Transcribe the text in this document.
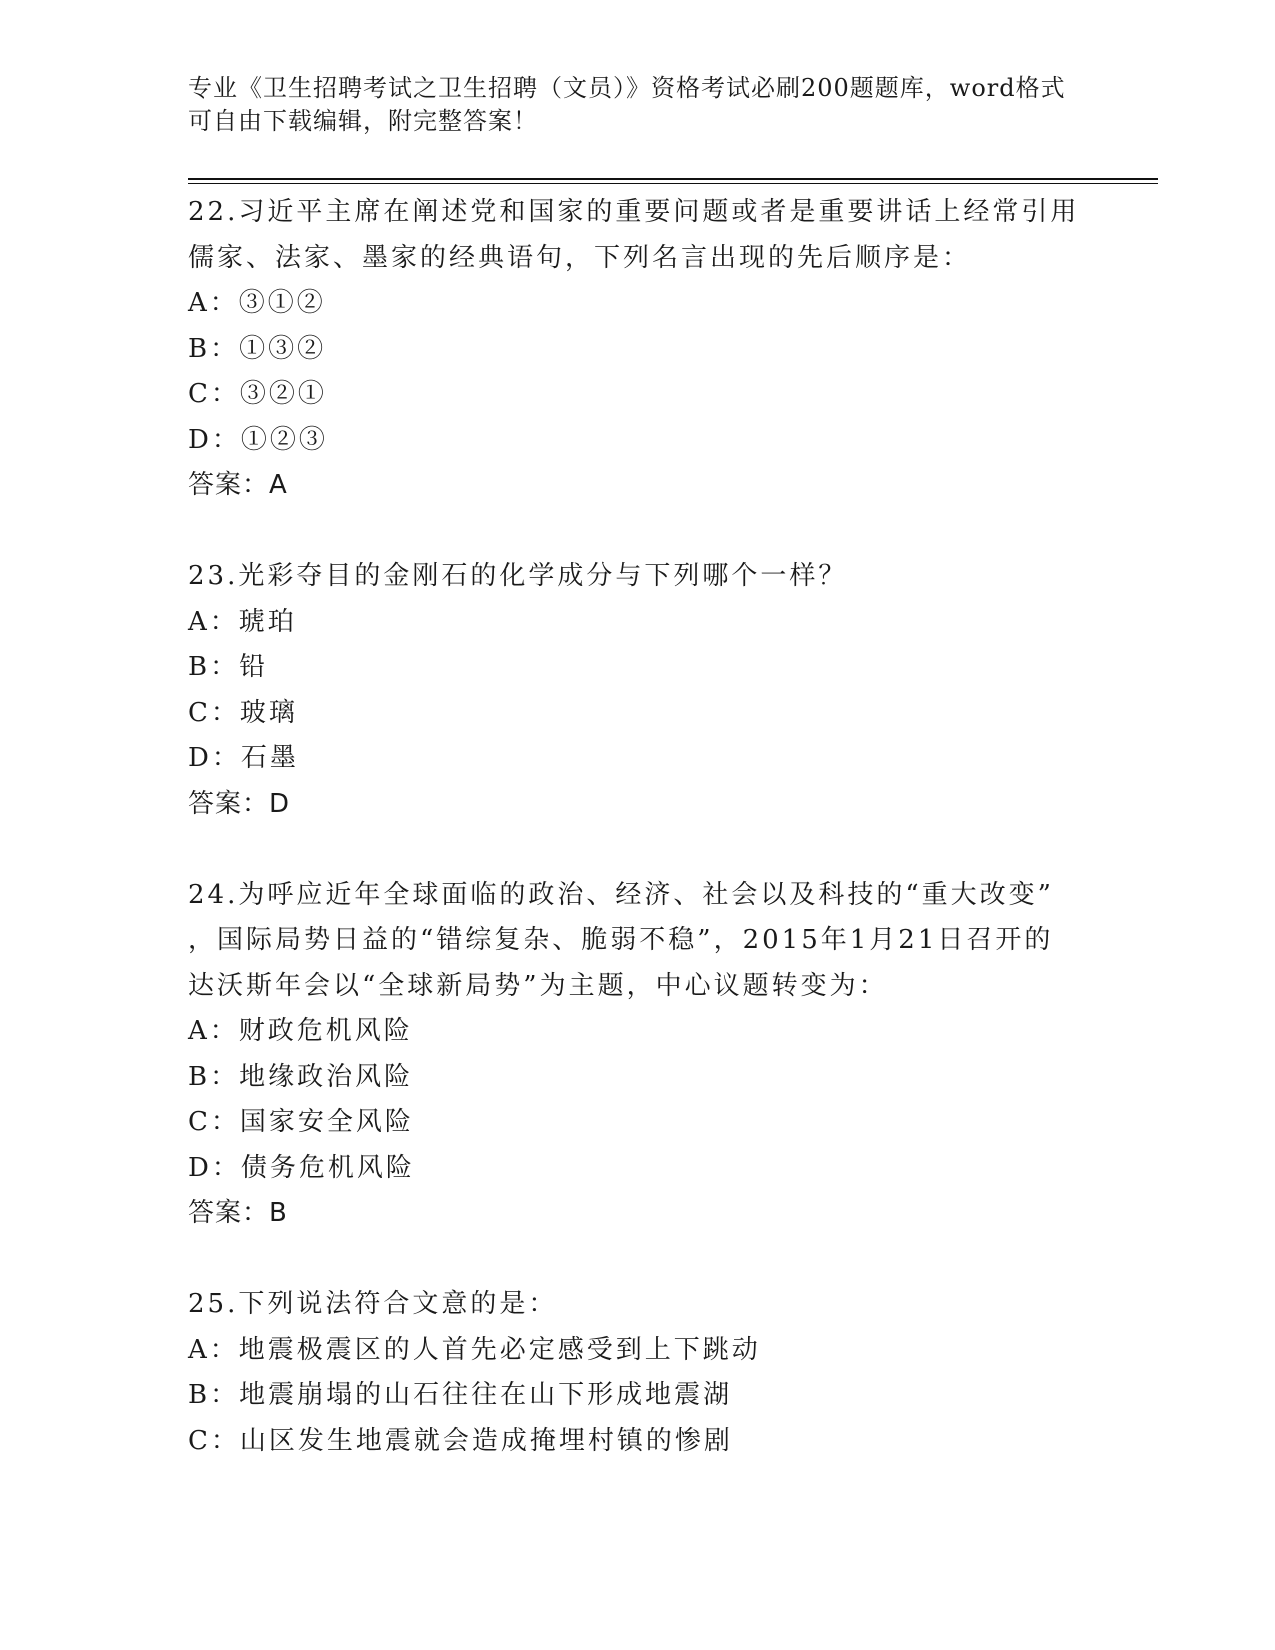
专业《卫生招聘考试之卫生招聘（文员）》资格考试必刷200题题库，word格式
可自由下载编辑，附完整答案！

22.习近平主席在阐述党和国家的重要问题或者是重要讲话上经常引用

儒家、法家、墨家的经典语句，下列名言出现的先后顺序是：

A：③①②

B：①③②

C：③②①

D：①②③

答案：A

23.光彩夺目的金刚石的化学成分与下列哪个一样？

A：琥珀

B：铅

C：玻璃

D：石墨

答案：D

24.为呼应近年全球面临的政治、经济、社会以及科技的“重大改变”

，国际局势日益的“错综复杂、脆弱不稳”，2015年1月21日召开的

达沃斯年会以“全球新局势”为主题，中心议题转变为：

A：财政危机风险

B：地缘政治风险

C：国家安全风险

D：债务危机风险

答案：B

25.下列说法符合文意的是：

A：地震极震区的人首先必定感受到上下跳动

B：地震崩塌的山石往往在山下形成地震湖

C：山区发生地震就会造成掩埋村镇的惨剧
